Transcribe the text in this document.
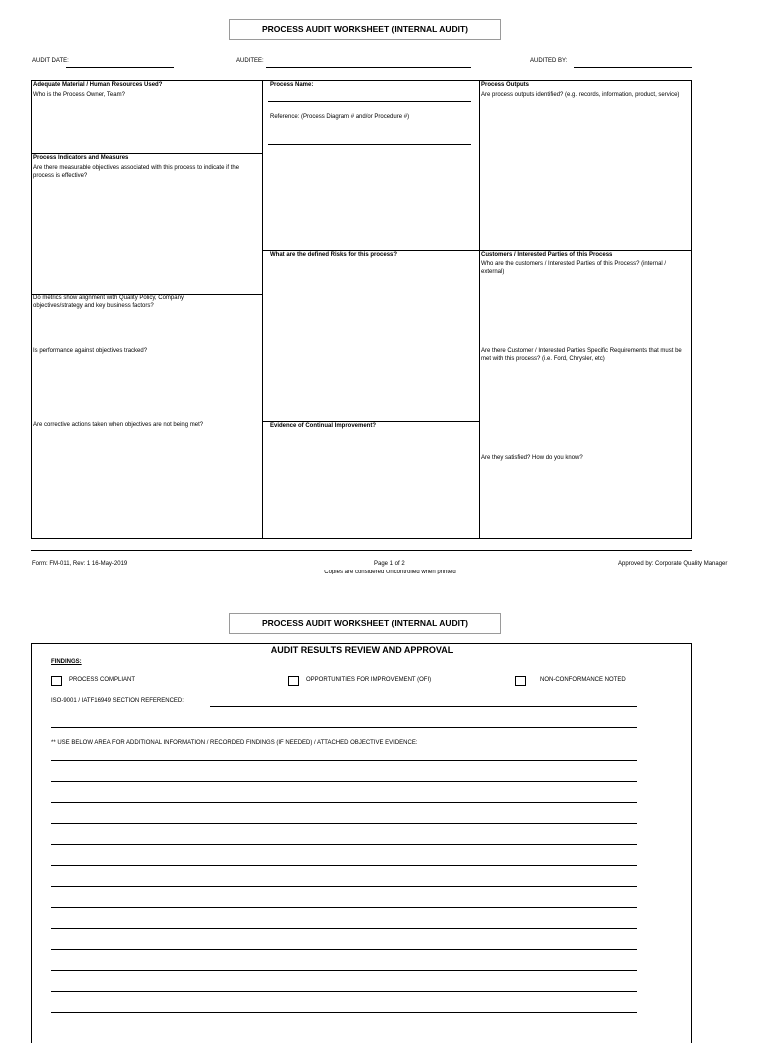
PROCESS AUDIT WORKSHEET (INTERNAL AUDIT)
AUDIT DATE:	AUDITEE:	AUDITED BY:
Adequate Material / Human Resources Used?
Who is the Process Owner, Team?
Process Indicators and Measures
Are there measurable objectives associated with this process to indicate if the process is effective?
Do metrics show alignment with Quality Policy, Company objectives/strategy and key business factors?
Is performance against objectives tracked?
Are corrective actions taken when objectives are not being met?
Process Name:
Reference: (Process Diagram # and/or Procedure #)
What are the defined Risks for this process?
Evidence of Continual Improvement?
Process Outputs
Are process outputs identified? (e.g. records, information, product, service)
Customers / Interested Parties of this Process
Who are the customers / Interested Parties of this Process? (internal / external)
Are there Customer / Interested Parties Specific Requirements that must be met with this process? (i.e. Ford, Chrysler, etc)
Are they satisfied? How do you know?
Form: FM-011, Rev: 1 16-May-2019	Page 1 of 2
Copies are considered Uncontrolled when printed
Approved by: Corporate Quality Manager
PROCESS AUDIT WORKSHEET (INTERNAL AUDIT)
AUDIT RESULTS REVIEW AND APPROVAL
FINDINGS:
PROCESS COMPLIANT	OPPORTUNITIES FOR IMPROVEMENT (OFI)	NON-CONFORMANCE NOTED
ISO-9001 / IATF16949 SECTION REFERENCED:
** USE BELOW AREA FOR ADDITIONAL INFORMATION / RECORDED FINDINGS (IF NEEDED) / ATTACHED OBJECTIVE EVIDENCE:
